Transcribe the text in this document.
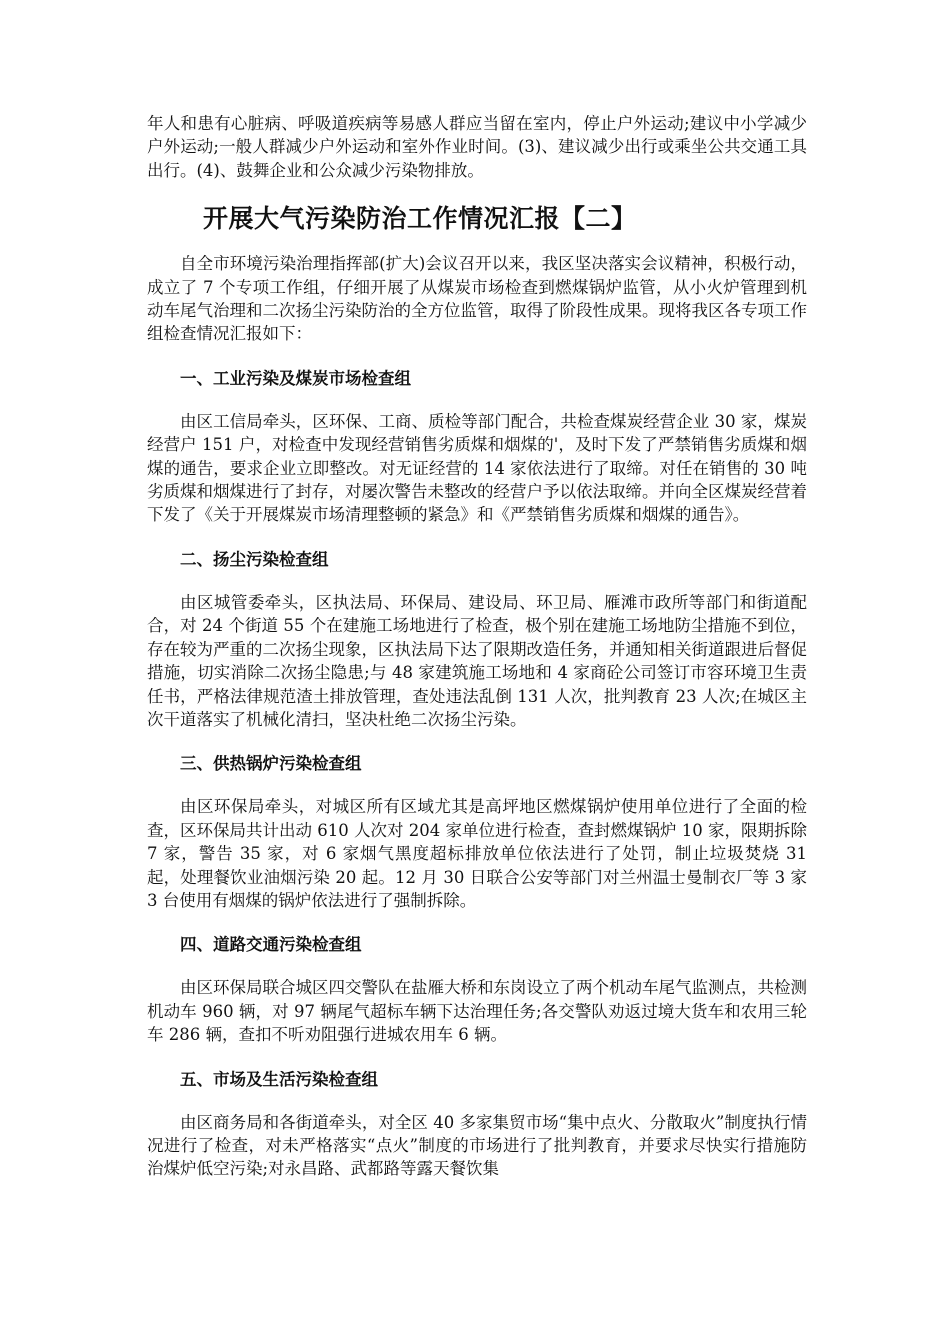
年人和患有心脏病、呼吸道疾病等易感人群应当留在室内，停止户外运动;建议中小学减少户外运动;一般人群减少户外运动和室外作业时间。(3)、建议减少出行或乘坐公共交通工具出行。(4)、鼓舞企业和公众减少污染物排放。

开展大气污染防治工作情况汇报【二】

自全市环境污染治理指挥部(扩大)会议召开以来，我区坚决落实会议精神，积极行动，成立了 7 个专项工作组，仔细开展了从煤炭市场检查到燃煤锅炉监管，从小火炉管理到机动车尾气治理和二次扬尘污染防治的全方位监管，取得了阶段性成果。现将我区各专项工作组检查情况汇报如下：

一、工业污染及煤炭市场检查组

由区工信局牵头，区环保、工商、质检等部门配合，共检查煤炭经营企业 30 家，煤炭经营户 151 户，对检查中发现经营销售劣质煤和烟煤的'，及时下发了严禁销售劣质煤和烟煤的通告，要求企业立即整改。对无证经营的 14 家依法进行了取缔。对任在销售的 30 吨劣质煤和烟煤进行了封存，对屡次警告未整改的经营户予以依法取缔。并向全区煤炭经营着下发了《关于开展煤炭市场清理整顿的紧急》和《严禁销售劣质煤和烟煤的通告》。

二、扬尘污染检查组

由区城管委牵头，区执法局、环保局、建设局、环卫局、雁滩市政所等部门和街道配合，对 24 个街道 55 个在建施工场地进行了检查，极个别在建施工场地防尘措施不到位，存在较为严重的二次扬尘现象，区执法局下达了限期改造任务，并通知相关街道跟进后督促措施，切实消除二次扬尘隐患;与 48 家建筑施工场地和 4 家商砼公司签订市容环境卫生责任书，严格法律规范渣土排放管理，查处违法乱倒 131 人次，批判教育 23 人次;在城区主次干道落实了机械化清扫，坚决杜绝二次扬尘污染。

三、供热锅炉污染检查组

由区环保局牵头，对城区所有区域尤其是高坪地区燃煤锅炉使用单位进行了全面的检查，区环保局共计出动 610 人次对 204 家单位进行检查，查封燃煤锅炉 10 家，限期拆除 7 家，警告 35 家，对 6 家烟气黑度超标排放单位依法进行了处罚，制止垃圾焚烧 31 起，处理餐饮业油烟污染 20 起。12 月 30 日联合公安等部门对兰州温士曼制衣厂等 3 家 3 台使用有烟煤的锅炉依法进行了强制拆除。

四、道路交通污染检查组

由区环保局联合城区四交警队在盐雁大桥和东岗设立了两个机动车尾气监测点，共检测机动车 960 辆，对 97 辆尾气超标车辆下达治理任务;各交警队劝返过境大货车和农用三轮车 286 辆，查扣不听劝阻强行进城农用车 6 辆。

五、市场及生活污染检查组

由区商务局和各街道牵头，对全区 40 多家集贸市场“集中点火、分散取火”制度执行情况进行了检查，对未严格落实“点火”制度的市场进行了批判教育，并要求尽快实行措施防治煤炉低空污染;对永昌路、武都路等露天餐饮集
